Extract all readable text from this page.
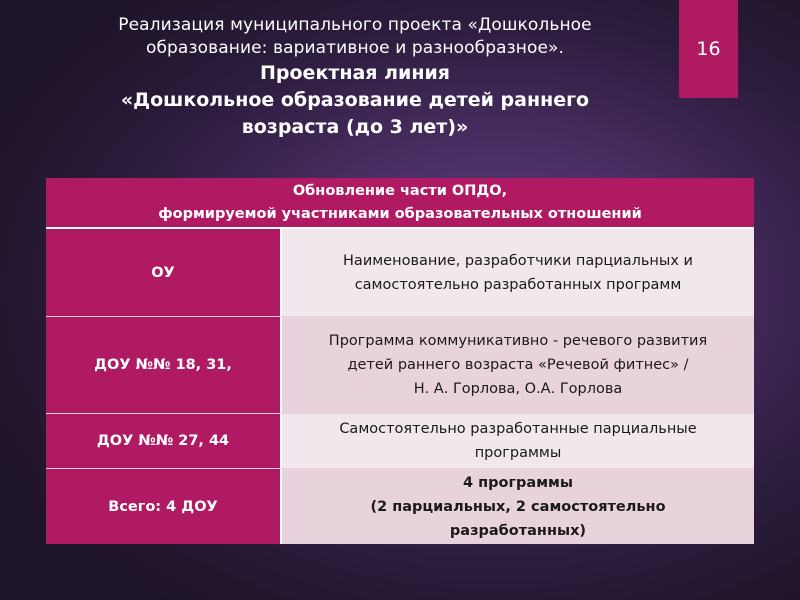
16
Реализация муниципального проекта «Дошкольное
образование: вариативное и разнообразное».
Проектная линия
«Дошкольное образование детей раннего
возраста (до 3 лет)»
Обновление части ОПДО,
формируемой участниками образовательных отношений
ОУ
Наименование, разработчики парциальных и
самостоятельно разработанных программ
ДОУ №№ 18, 31,
Программа коммуникативно - речевого развития
детей раннего возраста «Речевой фитнес» /
Н. А. Горлова, О.А. Горлова
ДОУ №№ 27, 44
Самостоятельно разработанные парциальные
программы
Всего: 4 ДОУ
4 программы
(2 парциальных, 2 самостоятельно
разработанных)
